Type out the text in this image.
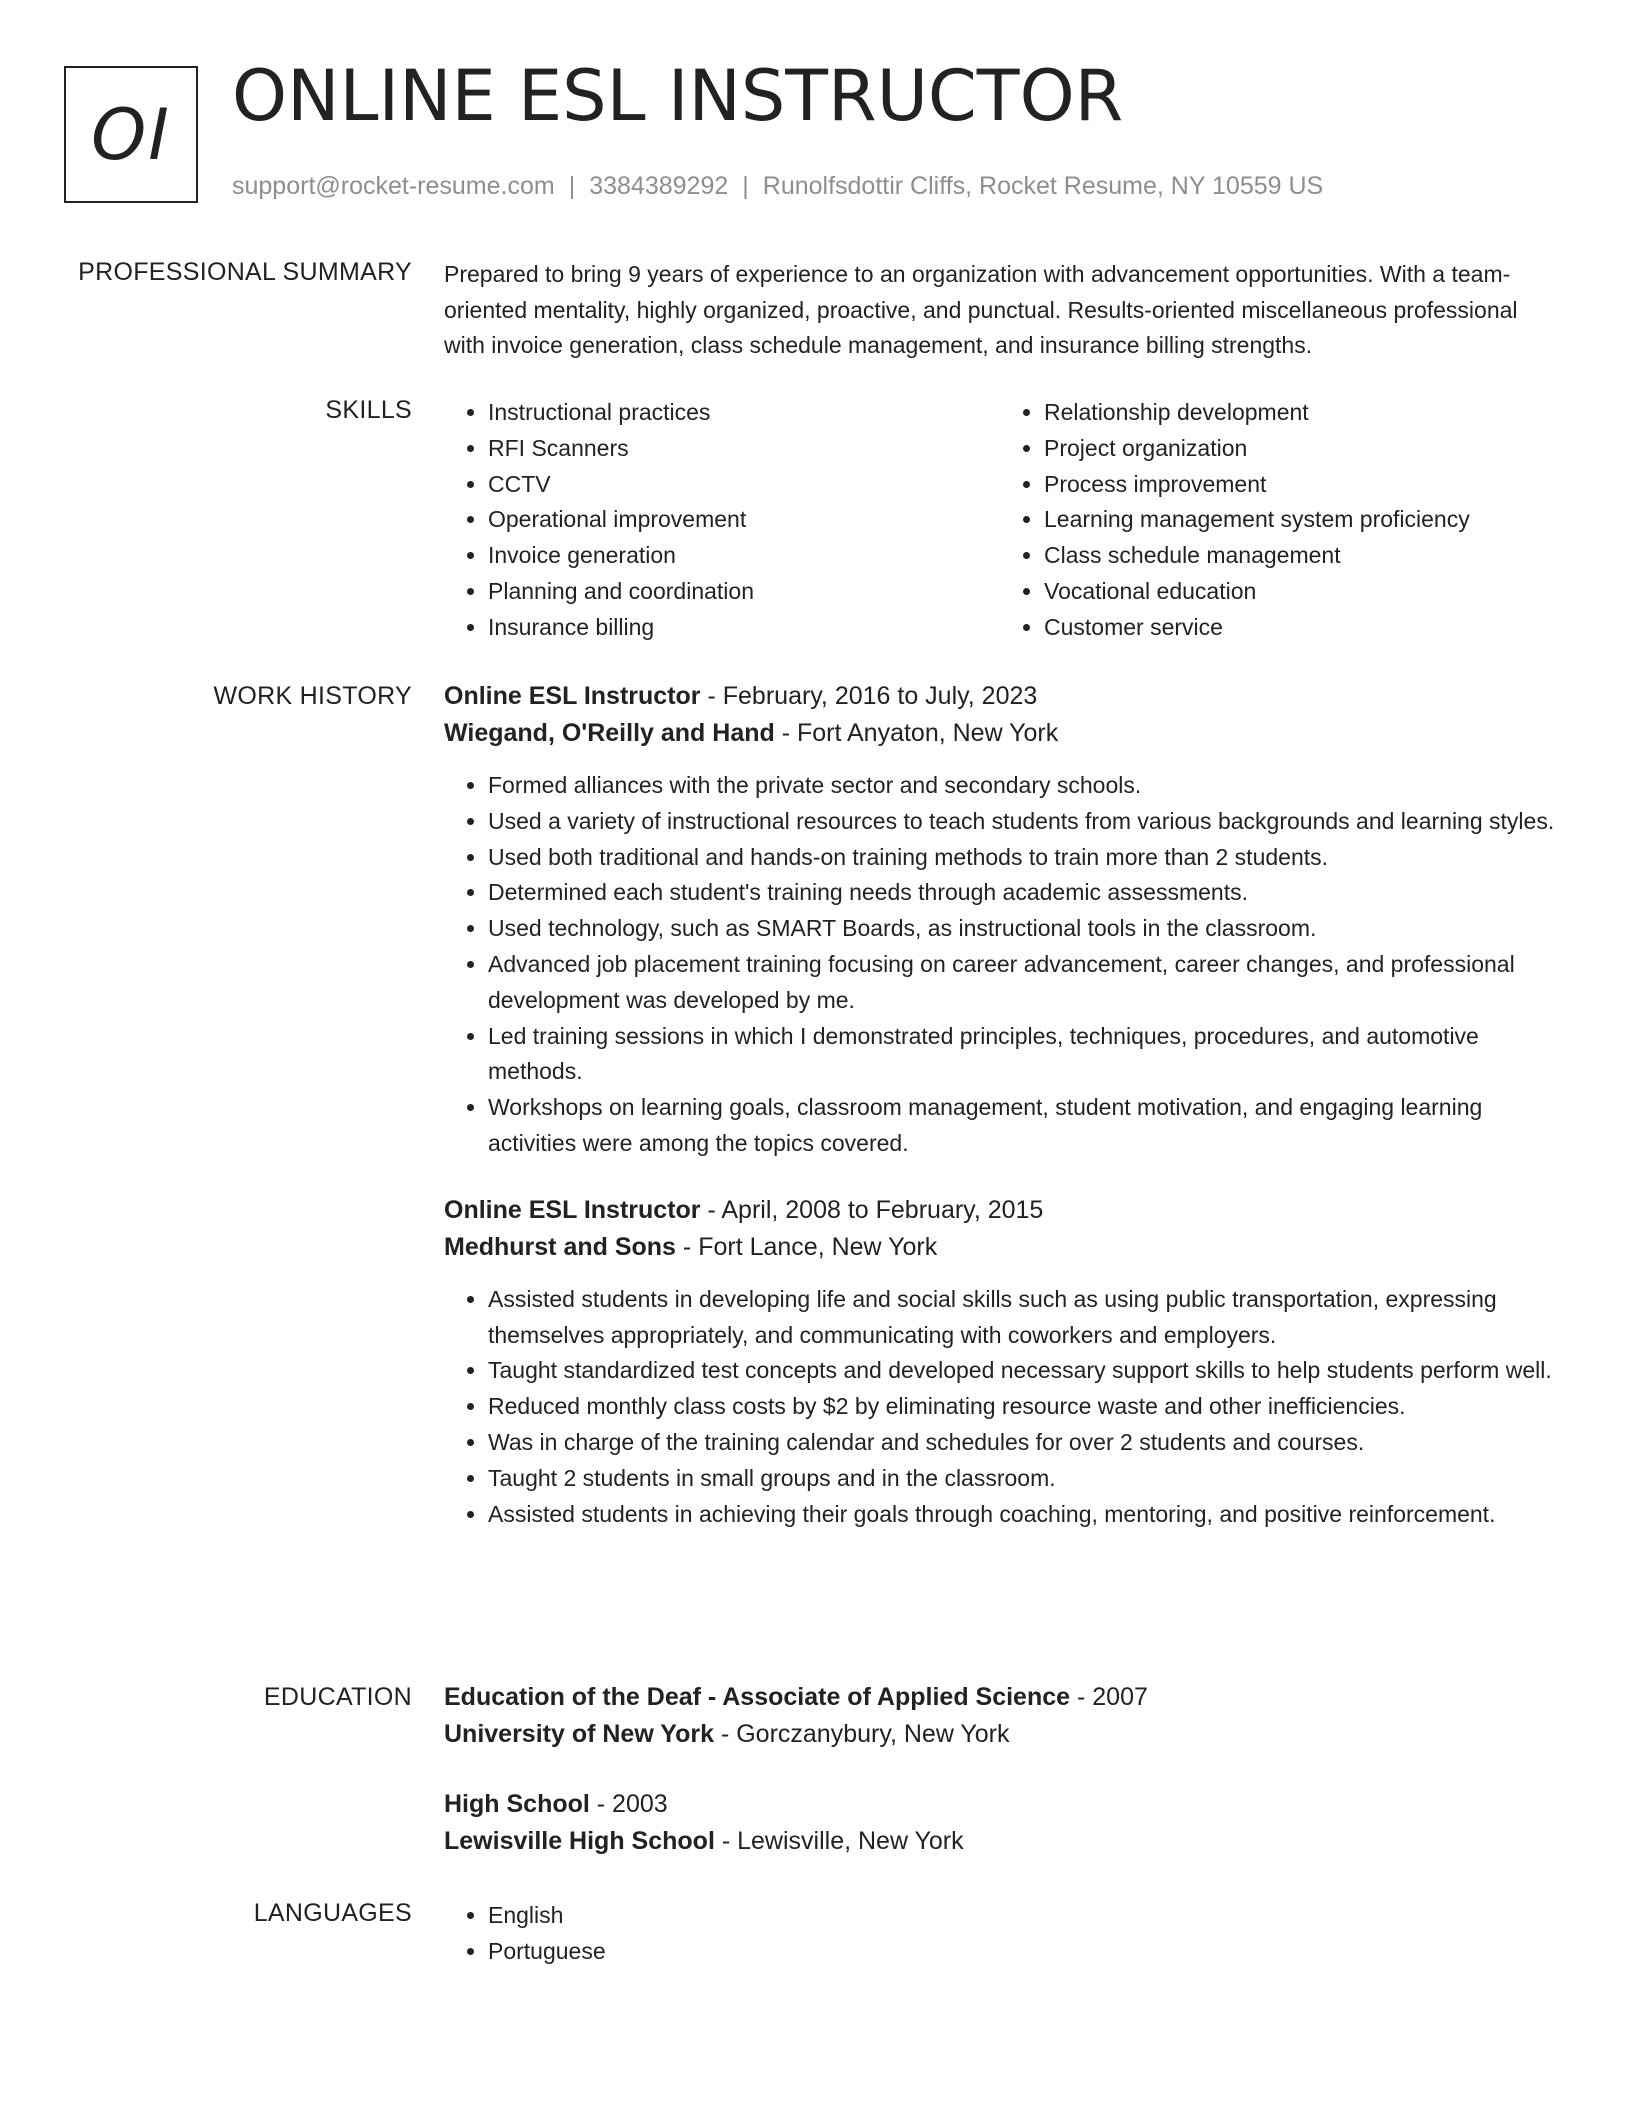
OI ONLINE ESL INSTRUCTOR
support@rocket-resume.com | 3384389292 | Runolfsdottir Cliffs, Rocket Resume, NY 10559 US
PROFESSIONAL SUMMARY Prepared to bring 9 years of experience to an organization with advancement opportunities. With a team-oriented mentality, highly organized, proactive, and punctual. Results-oriented miscellaneous professional with invoice generation, class schedule management, and insurance billing strengths.

SKILLS	• Instructional practices
• RFI Scanners
• CCTV
• Operational improvement
• Invoice generation
• Planning and coordination
• Insurance billing
• Relationship development
• Project organization
• Process improvement
• Learning management system proficiency
• Class schedule management
• Vocational education
• Customer service
WORK HISTORY Online ESL Instructor - February, 2016 to July, 2023
Wiegand, O'Reilly and Hand - Fort Anyaton, New York
• Formed alliances with the private sector and secondary schools.
• Used a variety of instructional resources to teach students from various backgrounds and learning styles.
• Used both traditional and hands-on training methods to train more than 2 students.
• Determined each student's training needs through academic assessments.
• Used technology, such as SMART Boards, as instructional tools in the classroom.
• Advanced job placement training focusing on career advancement, career changes, and professional development was developed by me.
• Led training sessions in which I demonstrated principles, techniques, procedures, and automotive methods.
• Workshops on learning goals, classroom management, student motivation, and engaging learning activities were among the topics covered.
Online ESL Instructor - April, 2008 to February, 2015
Medhurst and Sons - Fort Lance, New York
• Assisted students in developing life and social skills such as using public transportation, expressing themselves appropriately, and communicating with coworkers and employers.
• Taught standardized test concepts and developed necessary support skills to help students perform well.
• Reduced monthly class costs by $2 by eliminating resource waste and other inefficiencies.
• Was in charge of the training calendar and schedules for over 2 students and courses.
• Taught 2 students in small groups and in the classroom.
• Assisted students in achieving their goals through coaching, mentoring, and positive reinforcement.
EDUCATION Education of the Deaf - Associate of Applied Science - 2007
University of New York - Gorczanybury, New York
High School - 2003
Lewisville High School - Lewisville, New York
LANGUAGES	• English
• Portuguese
